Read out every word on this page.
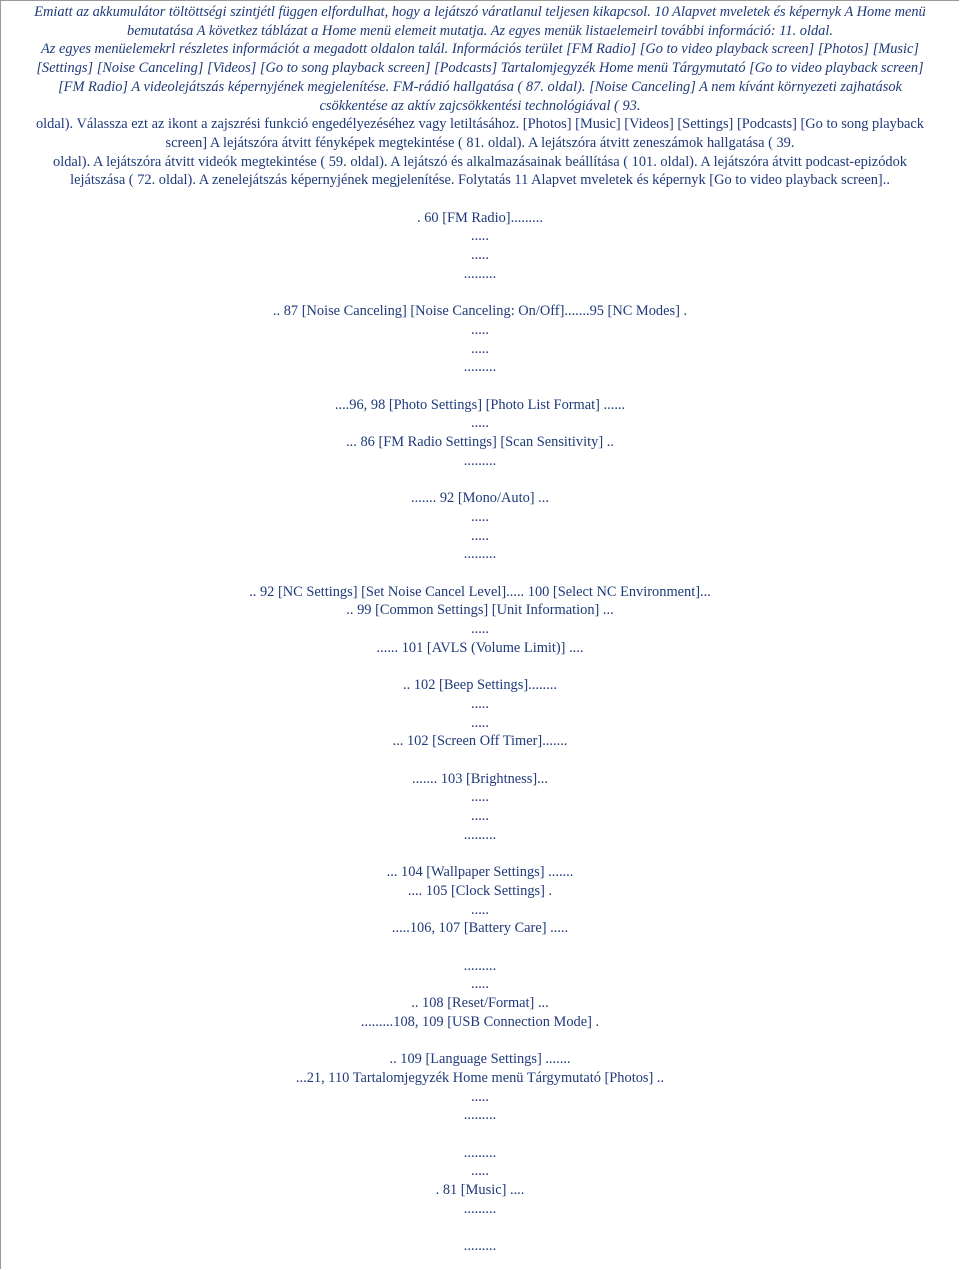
Emiatt az akkumulátor töltöttségi szintjétl függen elfordulhat, hogy a lejátszó váratlanul teljesen kikapcsol. 10 Alapvet mveletek és képernyk A Home menü

bemutatása A következ táblázat a Home menü elemeit mutatja. Az egyes menük listaelemeirl további információ: 11. oldal.

Az egyes menüelemekrl részletes információt a megadott oldalon talál. Információs terület [FM Radio] [Go to video playback screen] [Photos] [Music]

[Settings] [Noise Canceling] [Videos] [Go to song playback screen] [Podcasts] Tartalomjegyzék Home menü Tárgymutató [Go to video playback screen]

[FM Radio] A videolejátszás képernyjének megjelenítése. FM-rádió hallgatása ( 87. oldal). [Noise Canceling] A nem kívánt környezeti zajhatások

csökkentése az aktív zajcsökkentési technológiával ( 93.

oldal). Válassza ezt az ikont a zajszrési funkció engedélyezéséhez vagy letiltásához. [Photos] [Music] [Videos] [Settings] [Podcasts] [Go to song playback

screen] A lejátszóra átvitt fényképek megtekintése ( 81. oldal). A lejátszóra átvitt zeneszámok hallgatása ( 39.

oldal). A lejátszóra átvitt videók megtekintése ( 59. oldal). A lejátszó és alkalmazásainak beállítása ( 101. oldal). A lejátszóra átvitt podcast-epizódok

lejátszása ( 72. oldal). A zenelejátszás képernyjének megjelenítése. Folytatás 11 Alapvet mveletek és képernyk [Go to video playback screen]..

. 60 [FM Radio].........

.....

.....

.........

.. 87 [Noise Canceling] [Noise Canceling: On/Off].......95 [NC Modes] .

.....

.....

.........

....96, 98 [Photo Settings] [Photo List Format] ......

.....

... 86 [FM Radio Settings] [Scan Sensitivity] ..

.........

....... 92 [Mono/Auto] ...

.....

.....

.........

.. 92 [NC Settings] [Set Noise Cancel Level]..... 100 [Select NC Environment]...

.. 99 [Common Settings] [Unit Information] ...

.....

...... 101 [AVLS (Volume Limit)] ....

.. 102 [Beep Settings]........

.....

.....

... 102 [Screen Off Timer].......

....... 103 [Brightness]...

.....

.....

.........

... 104 [Wallpaper Settings] .......

.... 105 [Clock Settings] .

.....

.....106, 107 [Battery Care] .....

.........

.....

.. 108 [Reset/Format] ...

.........108, 109 [USB Connection Mode] .

.. 109 [Language Settings] .......

...21, 110 Tartalomjegyzék Home menü Tárgymutató [Photos] ..

.....

.........

.........

.....

. 81 [Music] ....

.........

.........
